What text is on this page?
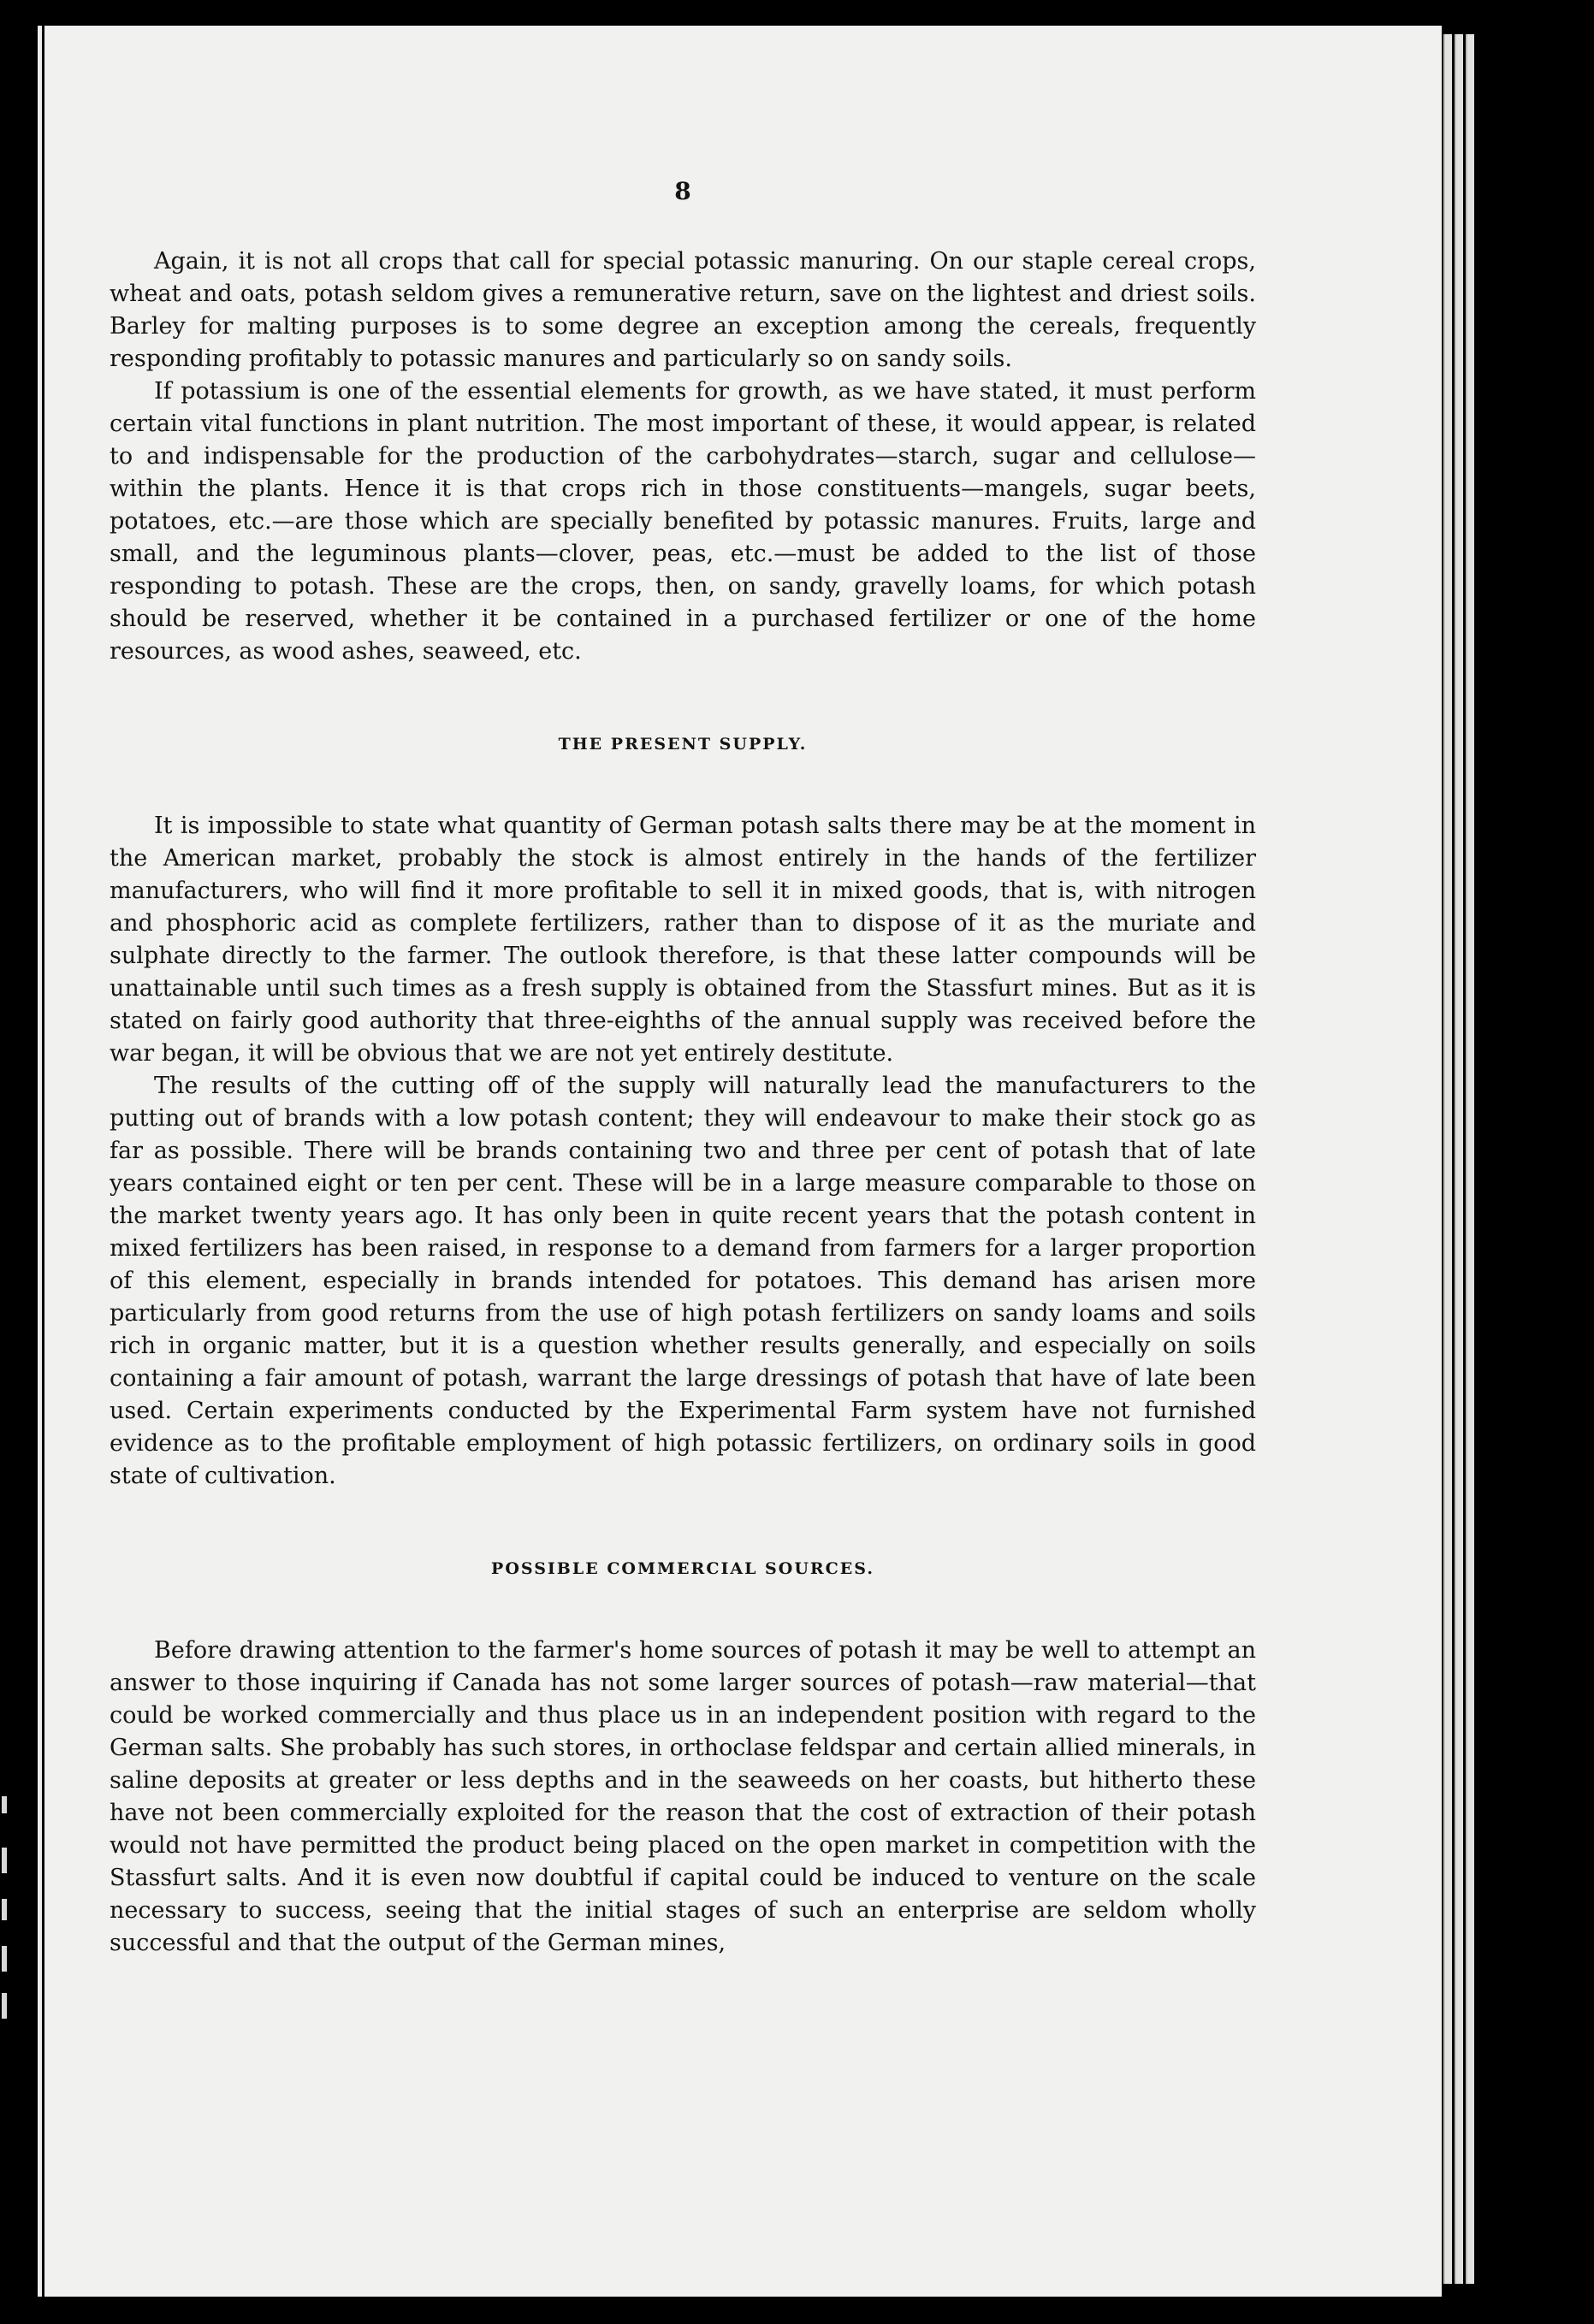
8

Again, it is not all crops that call for special potassic manuring. On our staple cereal crops, wheat and oats, potash seldom gives a remunerative return, save on the lightest and driest soils. Barley for malting purposes is to some degree an exception among the cereals, frequently responding profitably to potassic manures and particularly so on sandy soils.

If potassium is one of the essential elements for growth, as we have stated, it must perform certain vital functions in plant nutrition. The most important of these, it would appear, is related to and indispensable for the production of the carbohydrates—starch, sugar and cellulose—within the plants. Hence it is that crops rich in those constituents—mangels, sugar beets, potatoes, etc.—are those which are specially benefited by potassic manures. Fruits, large and small, and the leguminous plants—clover, peas, etc.—must be added to the list of those responding to potash. These are the crops, then, on sandy, gravelly loams, for which potash should be reserved, whether it be contained in a purchased fertilizer or one of the home resources, as wood ashes, seaweed, etc.

THE PRESENT SUPPLY.

It is impossible to state what quantity of German potash salts there may be at the moment in the American market, probably the stock is almost entirely in the hands of the fertilizer manufacturers, who will find it more profitable to sell it in mixed goods, that is, with nitrogen and phosphoric acid as complete fertilizers, rather than to dispose of it as the muriate and sulphate directly to the farmer. The outlook therefore, is that these latter compounds will be unattainable until such times as a fresh supply is obtained from the Stassfurt mines. But as it is stated on fairly good authority that three-eighths of the annual supply was received before the war began, it will be obvious that we are not yet entirely destitute.

The results of the cutting off of the supply will naturally lead the manufacturers to the putting out of brands with a low potash content; they will endeavour to make their stock go as far as possible. There will be brands containing two and three per cent of potash that of late years contained eight or ten per cent. These will be in a large measure comparable to those on the market twenty years ago. It has only been in quite recent years that the potash content in mixed fertilizers has been raised, in response to a demand from farmers for a larger proportion of this element, especially in brands intended for potatoes. This demand has arisen more particularly from good returns from the use of high potash fertilizers on sandy loams and soils rich in organic matter, but it is a question whether results generally, and especially on soils containing a fair amount of potash, warrant the large dressings of potash that have of late been used. Certain experiments conducted by the Experimental Farm system have not furnished evidence as to the profitable employment of high potassic fertilizers, on ordinary soils in good state of cultivation.

POSSIBLE COMMERCIAL SOURCES.

Before drawing attention to the farmer's home sources of potash it may be well to attempt an answer to those inquiring if Canada has not some larger sources of potash—raw material—that could be worked commercially and thus place us in an independent position with regard to the German salts. She probably has such stores, in orthoclase feldspar and certain allied minerals, in saline deposits at greater or less depths and in the seaweeds on her coasts, but hitherto these have not been commercially exploited for the reason that the cost of extraction of their potash would not have permitted the product being placed on the open market in competition with the Stassfurt salts. And it is even now doubtful if capital could be induced to venture on the scale necessary to success, seeing that the initial stages of such an enterprise are seldom wholly successful and that the output of the German mines,
